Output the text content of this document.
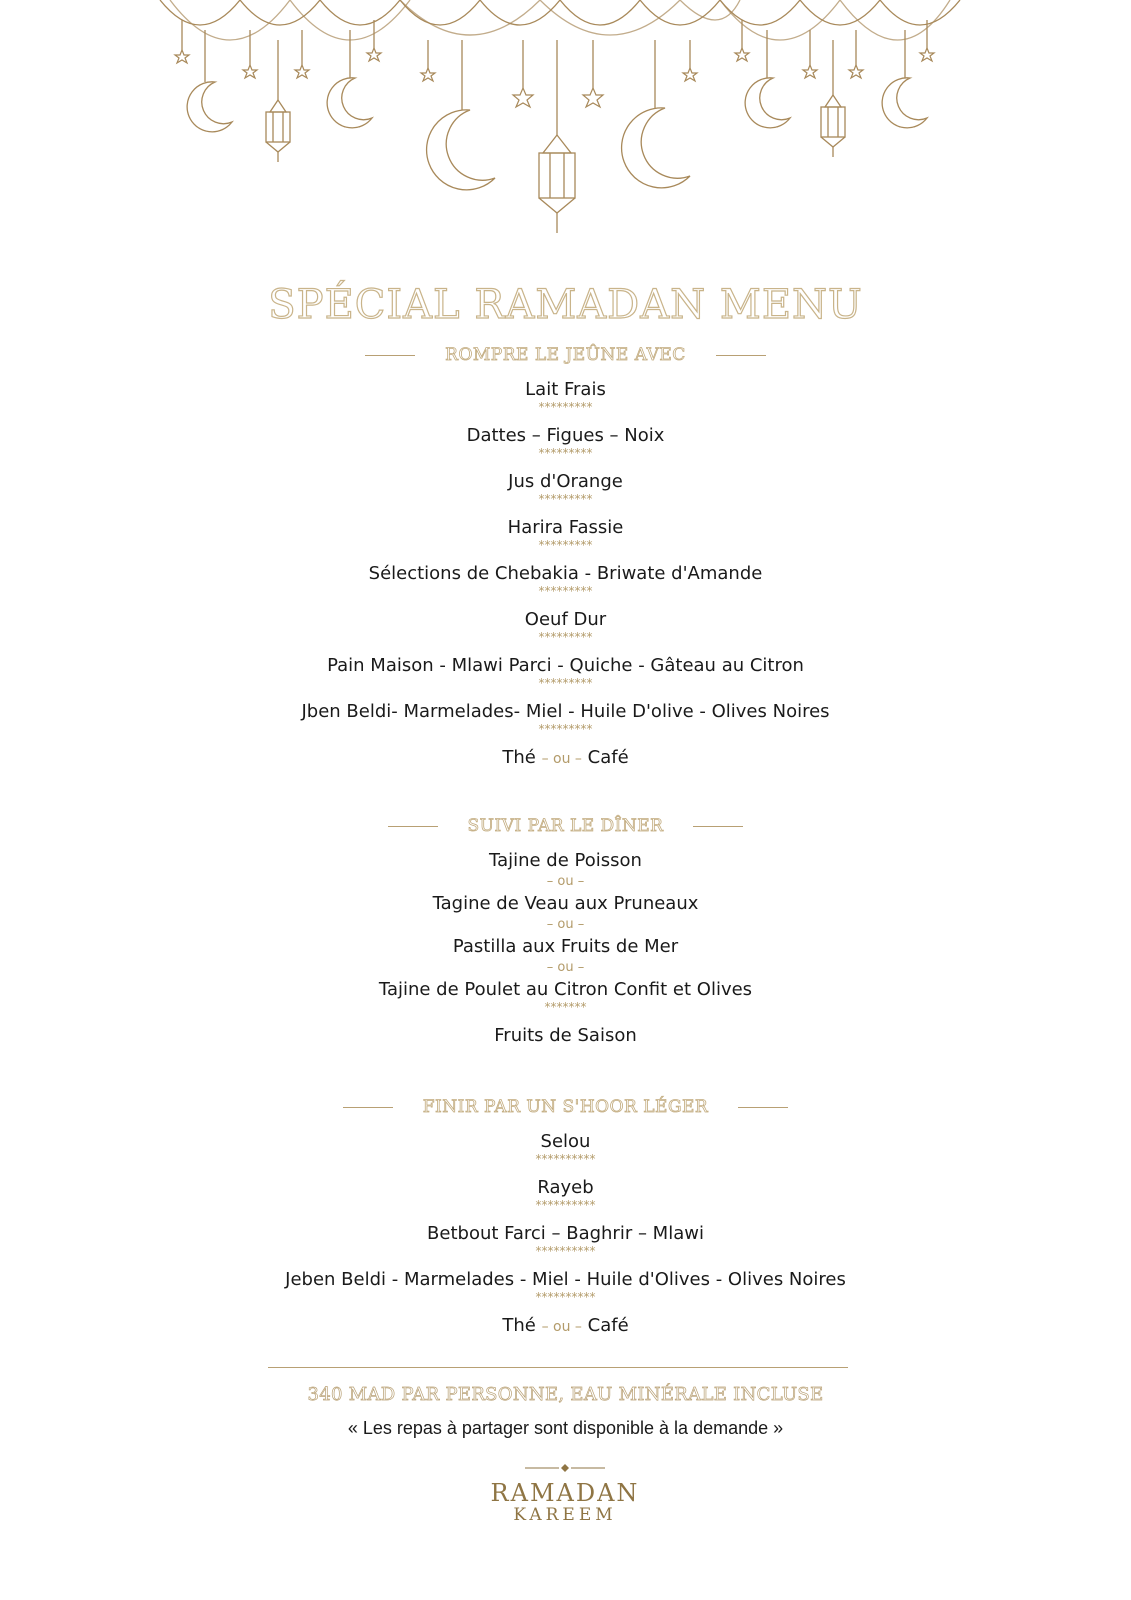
SPÉCIAL RAMADAN MENU
ROMPRE LE JEÛNE AVEC
Lait Frais
*********
Dattes – Figues – Noix
*********
Jus d'Orange
*********
Harira Fassie
*********
Sélections de Chebakia - Briwate d'Amande
*********
Oeuf Dur
*********
Pain Maison - Mlawi Parci - Quiche - Gâteau au Citron
*********
Jben Beldi- Marmelades- Miel - Huile D'olive - Olives Noires
*********
Thé – ou – Café
SUIVI PAR LE DÎNER
Tajine de Poisson
– ou –
Tagine de Veau aux Pruneaux
– ou –
Pastilla aux Fruits de Mer
– ou –
Tajine de Poulet au Citron Confit et Olives
*******
Fruits de Saison
FINIR PAR UN S'HOOR LÉGER
Selou
**********
Rayeb
**********
Betbout Farci – Baghrir – Mlawi
**********
Jeben Beldi - Marmelades - Miel - Huile d'Olives - Olives Noires
**********
Thé – ou – Café
340 MAD PAR PERSONNE, EAU MINÉRALE INCLUSE
« Les repas à partager sont disponible à la demande »
RAMADAN
KAREEM
